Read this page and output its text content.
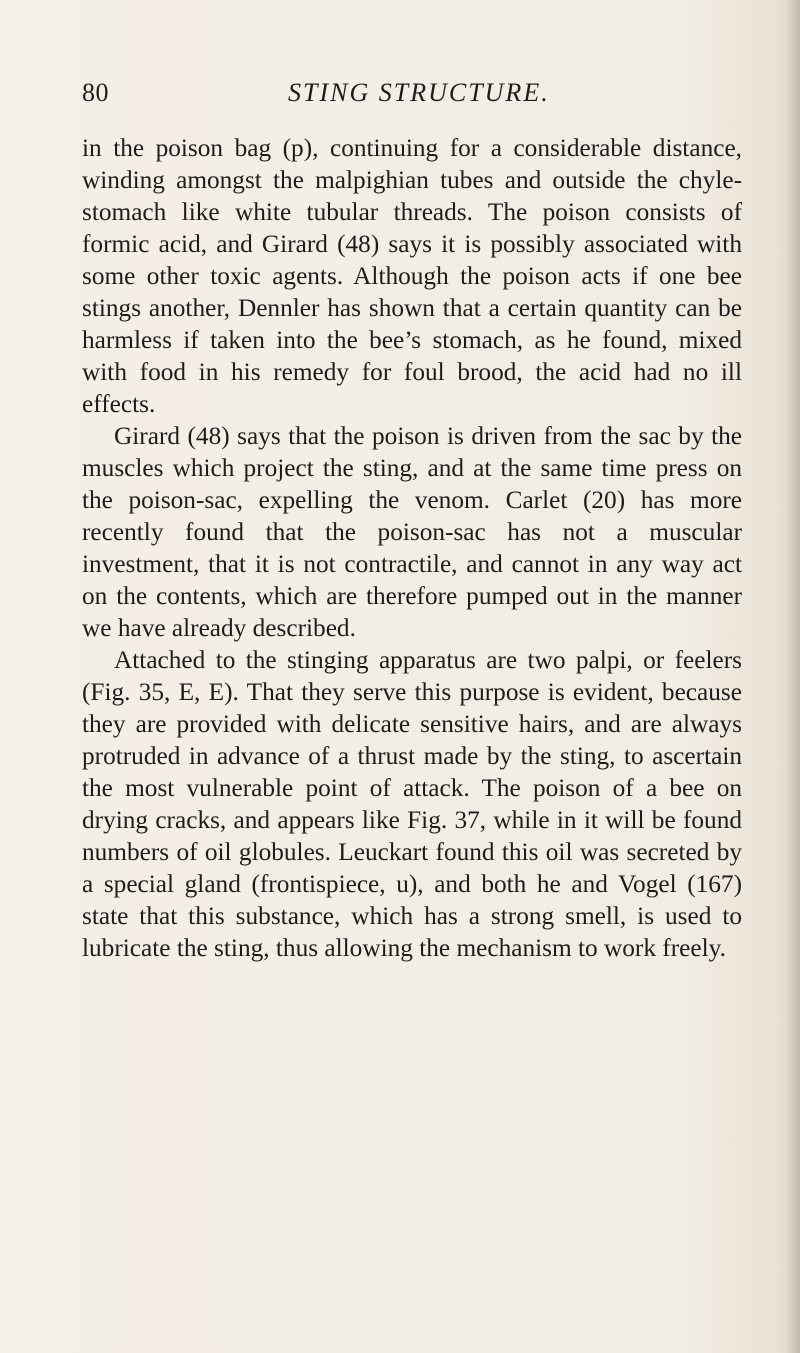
80	STING STRUCTURE.

in the poison bag (p), continuing for a considerable distance, winding amongst the malpighian tubes and outside the chyle-stomach like white tubular threads. The poison consists of formic acid, and Girard (48) says it is possibly associated with some other toxic agents. Although the poison acts if one bee stings another, Dennler has shown that a certain quantity can be harmless if taken into the bee’s stomach, as he found, mixed with food in his remedy for foul brood, the acid had no ill effects.

Girard (48) says that the poison is driven from the sac by the muscles which project the sting, and at the same time press on the poison-sac, expelling the venom. Carlet (20) has more recently found that the poison-sac has not a muscular investment, that it is not contractile, and cannot in any way act on the contents, which are therefore pumped out in the manner we have already described.

Attached to the stinging apparatus are two palpi, or feelers (Fig. 35, E, E). That they serve this purpose is evident, because they are provided with delicate sensitive hairs, and are always protruded in advance of a thrust made by the sting, to ascertain the most vulnerable point of attack. The poison of a bee on drying cracks, and appears like Fig. 37, while in it will be found numbers of oil globules. Leuckart found this oil was secreted by a special gland (frontispiece, u), and both he and Vogel (167) state that this substance, which has a strong smell, is used to lubricate the sting, thus allowing the mechanism to work freely.
